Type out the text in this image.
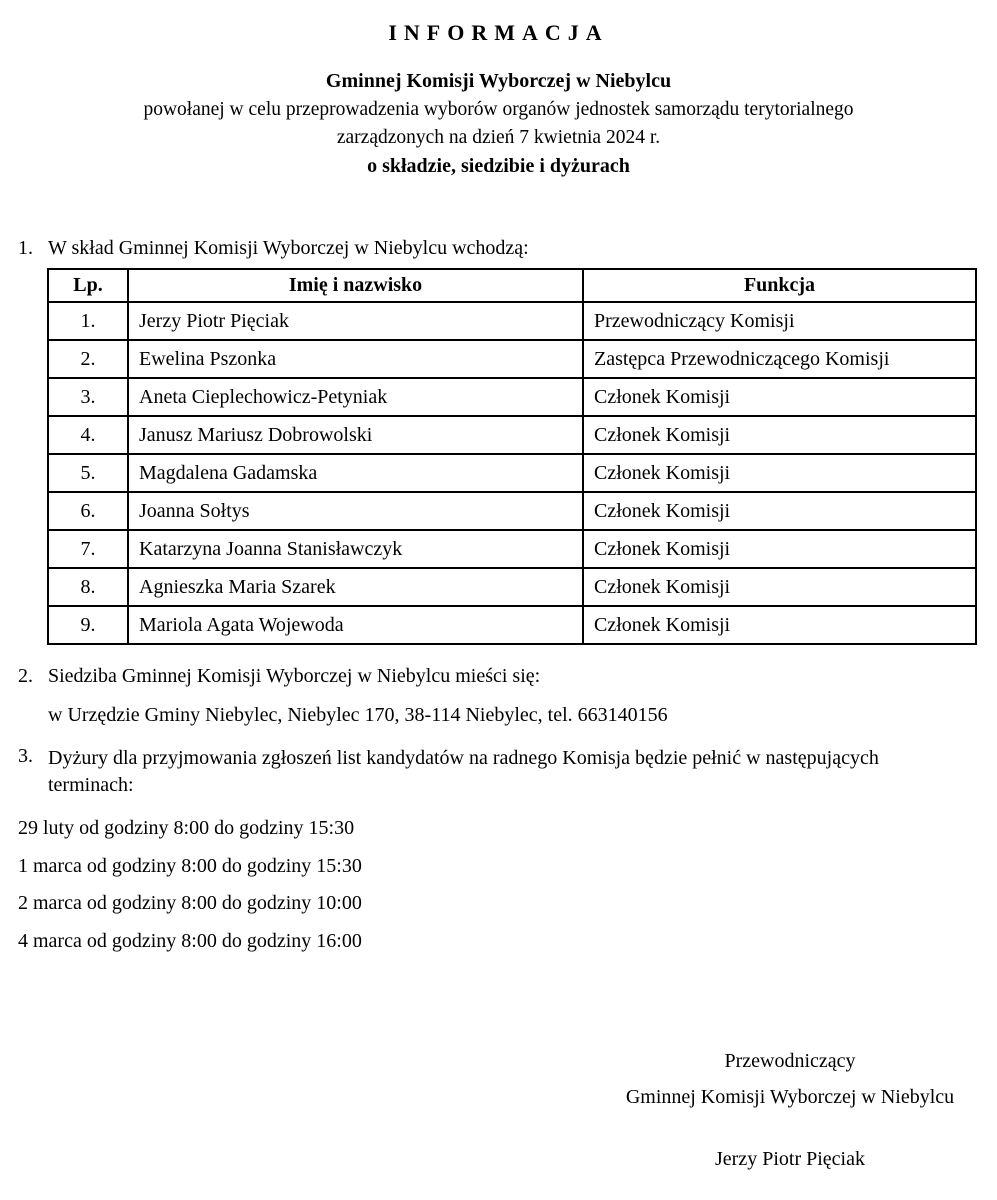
INFORMACJA
Gminnej Komisji Wyborczej w Niebylcu
powołanej w celu przeprowadzenia wyborów organów jednostek samorządu terytorialnego
zarządzonych na dzień 7 kwietnia 2024 r.
o składzie, siedzibie i dyżurach
1. W skład Gminnej Komisji Wyborczej w Niebylcu wchodzą:
Lp.	Imię i nazwisko	Funkcja
1.	Jerzy Piotr Pięciak	Przewodniczący Komisji
2.	Ewelina Pszonka	Zastępca Przewodniczącego Komisji
3.	Aneta Cieplechowicz-Petyniak	Członek Komisji
4.	Janusz Mariusz Dobrowolski	Członek Komisji
5.	Magdalena Gadamska	Członek Komisji
6.	Joanna Sołtys	Członek Komisji
7.	Katarzyna Joanna Stanisławczyk	Członek Komisji
8.	Agnieszka Maria Szarek	Członek Komisji
9.	Mariola Agata Wojewoda	Członek Komisji
2. Siedziba Gminnej Komisji Wyborczej w Niebylcu mieści się:
w Urzędzie Gminy Niebylec, Niebylec 170, 38-114 Niebylec, tel. 663140156
3. Dyżury dla przyjmowania zgłoszeń list kandydatów na radnego Komisja będzie pełnić w następujących terminach:
29 luty od godziny 8:00 do godziny 15:30
1 marca od godziny 8:00 do godziny 15:30
2 marca od godziny 8:00 do godziny 10:00
4 marca od godziny 8:00 do godziny 16:00
Przewodniczący
Gminnej Komisji Wyborczej w Niebylcu
Jerzy Piotr Pięciak
